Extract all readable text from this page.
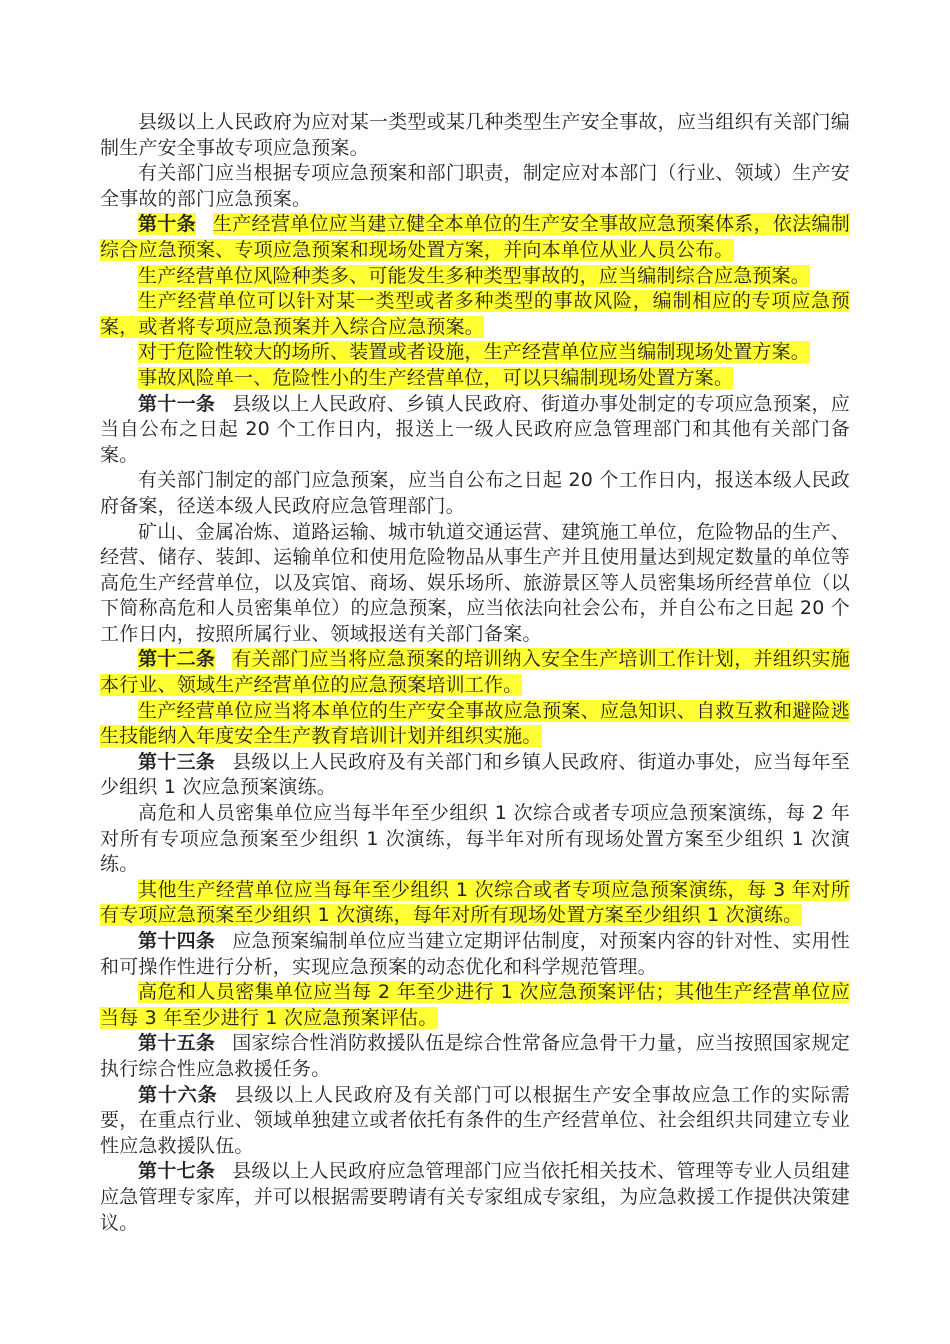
县级以上人民政府为应对某一类型或某几种类型生产安全事故，应当组织有关部门编制生产安全事故专项应急预案。

有关部门应当根据专项应急预案和部门职责，制定应对本部门（行业、领域）生产安全事故的部门应急预案。

第十条 生产经营单位应当建立健全本单位的生产安全事故应急预案体系，依法编制综合应急预案、专项应急预案和现场处置方案，并向本单位从业人员公布。

生产经营单位风险种类多、可能发生多种类型事故的，应当编制综合应急预案。

生产经营单位可以针对某一类型或者多种类型的事故风险，编制相应的专项应急预案，或者将专项应急预案并入综合应急预案。

对于危险性较大的场所、装置或者设施，生产经营单位应当编制现场处置方案。

事故风险单一、危险性小的生产经营单位，可以只编制现场处置方案。

第十一条 县级以上人民政府、乡镇人民政府、街道办事处制定的专项应急预案，应当自公布之日起 20 个工作日内，报送上一级人民政府应急管理部门和其他有关部门备案。

有关部门制定的部门应急预案，应当自公布之日起 20 个工作日内，报送本级人民政府备案，径送本级人民政府应急管理部门。

矿山、金属冶炼、道路运输、城市轨道交通运营、建筑施工单位，危险物品的生产、经营、储存、装卸、运输单位和使用危险物品从事生产并且使用量达到规定数量的单位等高危生产经营单位，以及宾馆、商场、娱乐场所、旅游景区等人员密集场所经营单位（以下简称高危和人员密集单位）的应急预案，应当依法向社会公布，并自公布之日起 20 个工作日内，按照所属行业、领域报送有关部门备案。

第十二条 有关部门应当将应急预案的培训纳入安全生产培训工作计划，并组织实施本行业、领域生产经营单位的应急预案培训工作。

生产经营单位应当将本单位的生产安全事故应急预案、应急知识、自救互救和避险逃生技能纳入年度安全生产教育培训计划并组织实施。

第十三条 县级以上人民政府及有关部门和乡镇人民政府、街道办事处，应当每年至少组织 1 次应急预案演练。

高危和人员密集单位应当每半年至少组织 1 次综合或者专项应急预案演练，每 2 年对所有专项应急预案至少组织 1 次演练，每半年对所有现场处置方案至少组织 1 次演练。

其他生产经营单位应当每年至少组织 1 次综合或者专项应急预案演练，每 3 年对所有专项应急预案至少组织 1 次演练，每年对所有现场处置方案至少组织 1 次演练。

第十四条 应急预案编制单位应当建立定期评估制度，对预案内容的针对性、实用性和可操作性进行分析，实现应急预案的动态优化和科学规范管理。

高危和人员密集单位应当每 2 年至少进行 1 次应急预案评估；其他生产经营单位应当每 3 年至少进行 1 次应急预案评估。

第十五条 国家综合性消防救援队伍是综合性常备应急骨干力量，应当按照国家规定执行综合性应急救援任务。

第十六条 县级以上人民政府及有关部门可以根据生产安全事故应急工作的实际需要，在重点行业、领域单独建立或者依托有条件的生产经营单位、社会组织共同建立专业性应急救援队伍。

第十七条 县级以上人民政府应急管理部门应当依托相关技术、管理等专业人员组建应急管理专家库，并可以根据需要聘请有关专家组成专家组，为应急救援工作提供决策建议。
